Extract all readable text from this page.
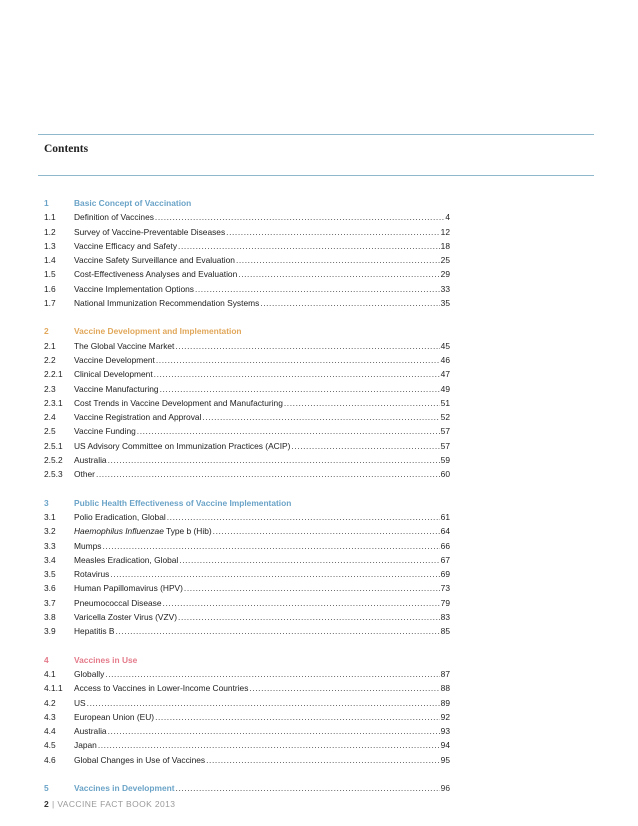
Contents
1	Basic Concept of Vaccination
1.1	Definition of Vaccines .....	4
1.2	Survey of Vaccine-Preventable Diseases .....	12
1.3	Vaccine Efficacy and Safety .....	18
1.4	Vaccine Safety Surveillance and Evaluation .....	25
1.5	Cost-Effectiveness Analyses and Evaluation .....	29
1.6	Vaccine Implementation Options .....	33
1.7	National Immunization Recommendation Systems .....	35
2	Vaccine Development and Implementation
2.1	The Global Vaccine Market .....	45
2.2	Vaccine Development .....	46
2.2.1	Clinical Development .....	47
2.3	Vaccine Manufacturing .....	49
2.3.1	Cost Trends in Vaccine Development and Manufacturing .....	51
2.4	Vaccine Registration and Approval .....	52
2.5	Vaccine Funding .....	57
2.5.1	US Advisory Committee on Immunization Practices (ACIP) .....	57
2.5.2	Australia .....	59
2.5.3	Other .....	60
3	Public Health Effectiveness of Vaccine Implementation
3.1	Polio Eradication, Global .....	61
3.2	Haemophilus Influenzae Type b (Hib) .....	64
3.3	Mumps .....	66
3.4	Measles Eradication, Global .....	67
3.5	Rotavirus .....	69
3.6	Human Papillomavirus (HPV) .....	73
3.7	Pneumococcal Disease .....	79
3.8	Varicella Zoster Virus (VZV) .....	83
3.9	Hepatitis B .....	85
4	Vaccines in Use
4.1	Globally .....	87
4.1.1	Access to Vaccines in Lower-Income Countries .....	88
4.2	US .....	89
4.3	European Union (EU) .....	92
4.4	Australia .....	93
4.5	Japan .....	94
4.6	Global Changes in Use of Vaccines .....	95
5	Vaccines in Development .....	96
2 | VACCINE FACT BOOK 2013
